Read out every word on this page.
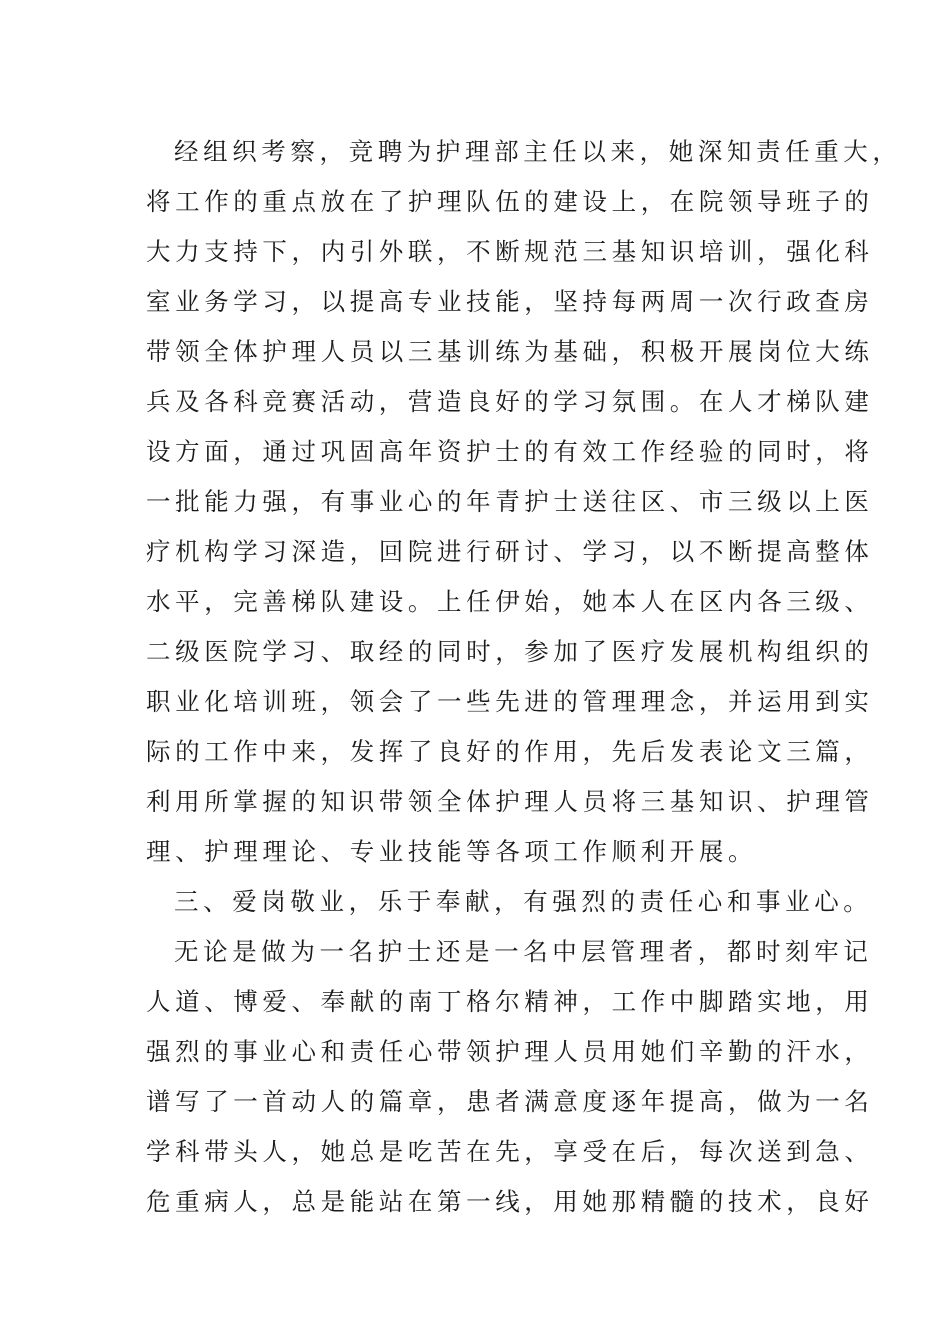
经组织考察，竞聘为护理部主任以来，她深知责任重大，
将工作的重点放在了护理队伍的建设上，在院领导班子的
大力支持下，内引外联，不断规范三基知识培训，强化科
室业务学习，以提高专业技能，坚持每两周一次行政查房
带领全体护理人员以三基训练为基础，积极开展岗位大练
兵及各科竞赛活动，营造良好的学习氛围。在人才梯队建
设方面，通过巩固高年资护士的有效工作经验的同时，将
一批能力强，有事业心的年青护士送往区、市三级以上医
疗机构学习深造，回院进行研讨、学习，以不断提高整体
水平，完善梯队建设。上任伊始，她本人在区内各三级、
二级医院学习、取经的同时，参加了医疗发展机构组织的
职业化培训班，领会了一些先进的管理理念，并运用到实
际的工作中来，发挥了良好的作用，先后发表论文三篇，
利用所掌握的知识带领全体护理人员将三基知识、护理管
理、护理理论、专业技能等各项工作顺利开展。
三、爱岗敬业，乐于奉献，有强烈的责任心和事业心。
无论是做为一名护士还是一名中层管理者，都时刻牢记
人道、博爱、奉献的南丁格尔精神，工作中脚踏实地，用
强烈的事业心和责任心带领护理人员用她们辛勤的汗水，
谱写了一首动人的篇章，患者满意度逐年提高，做为一名
学科带头人，她总是吃苦在先，享受在后，每次送到急、
危重病人，总是能站在第一线，用她那精髓的技术，良好
